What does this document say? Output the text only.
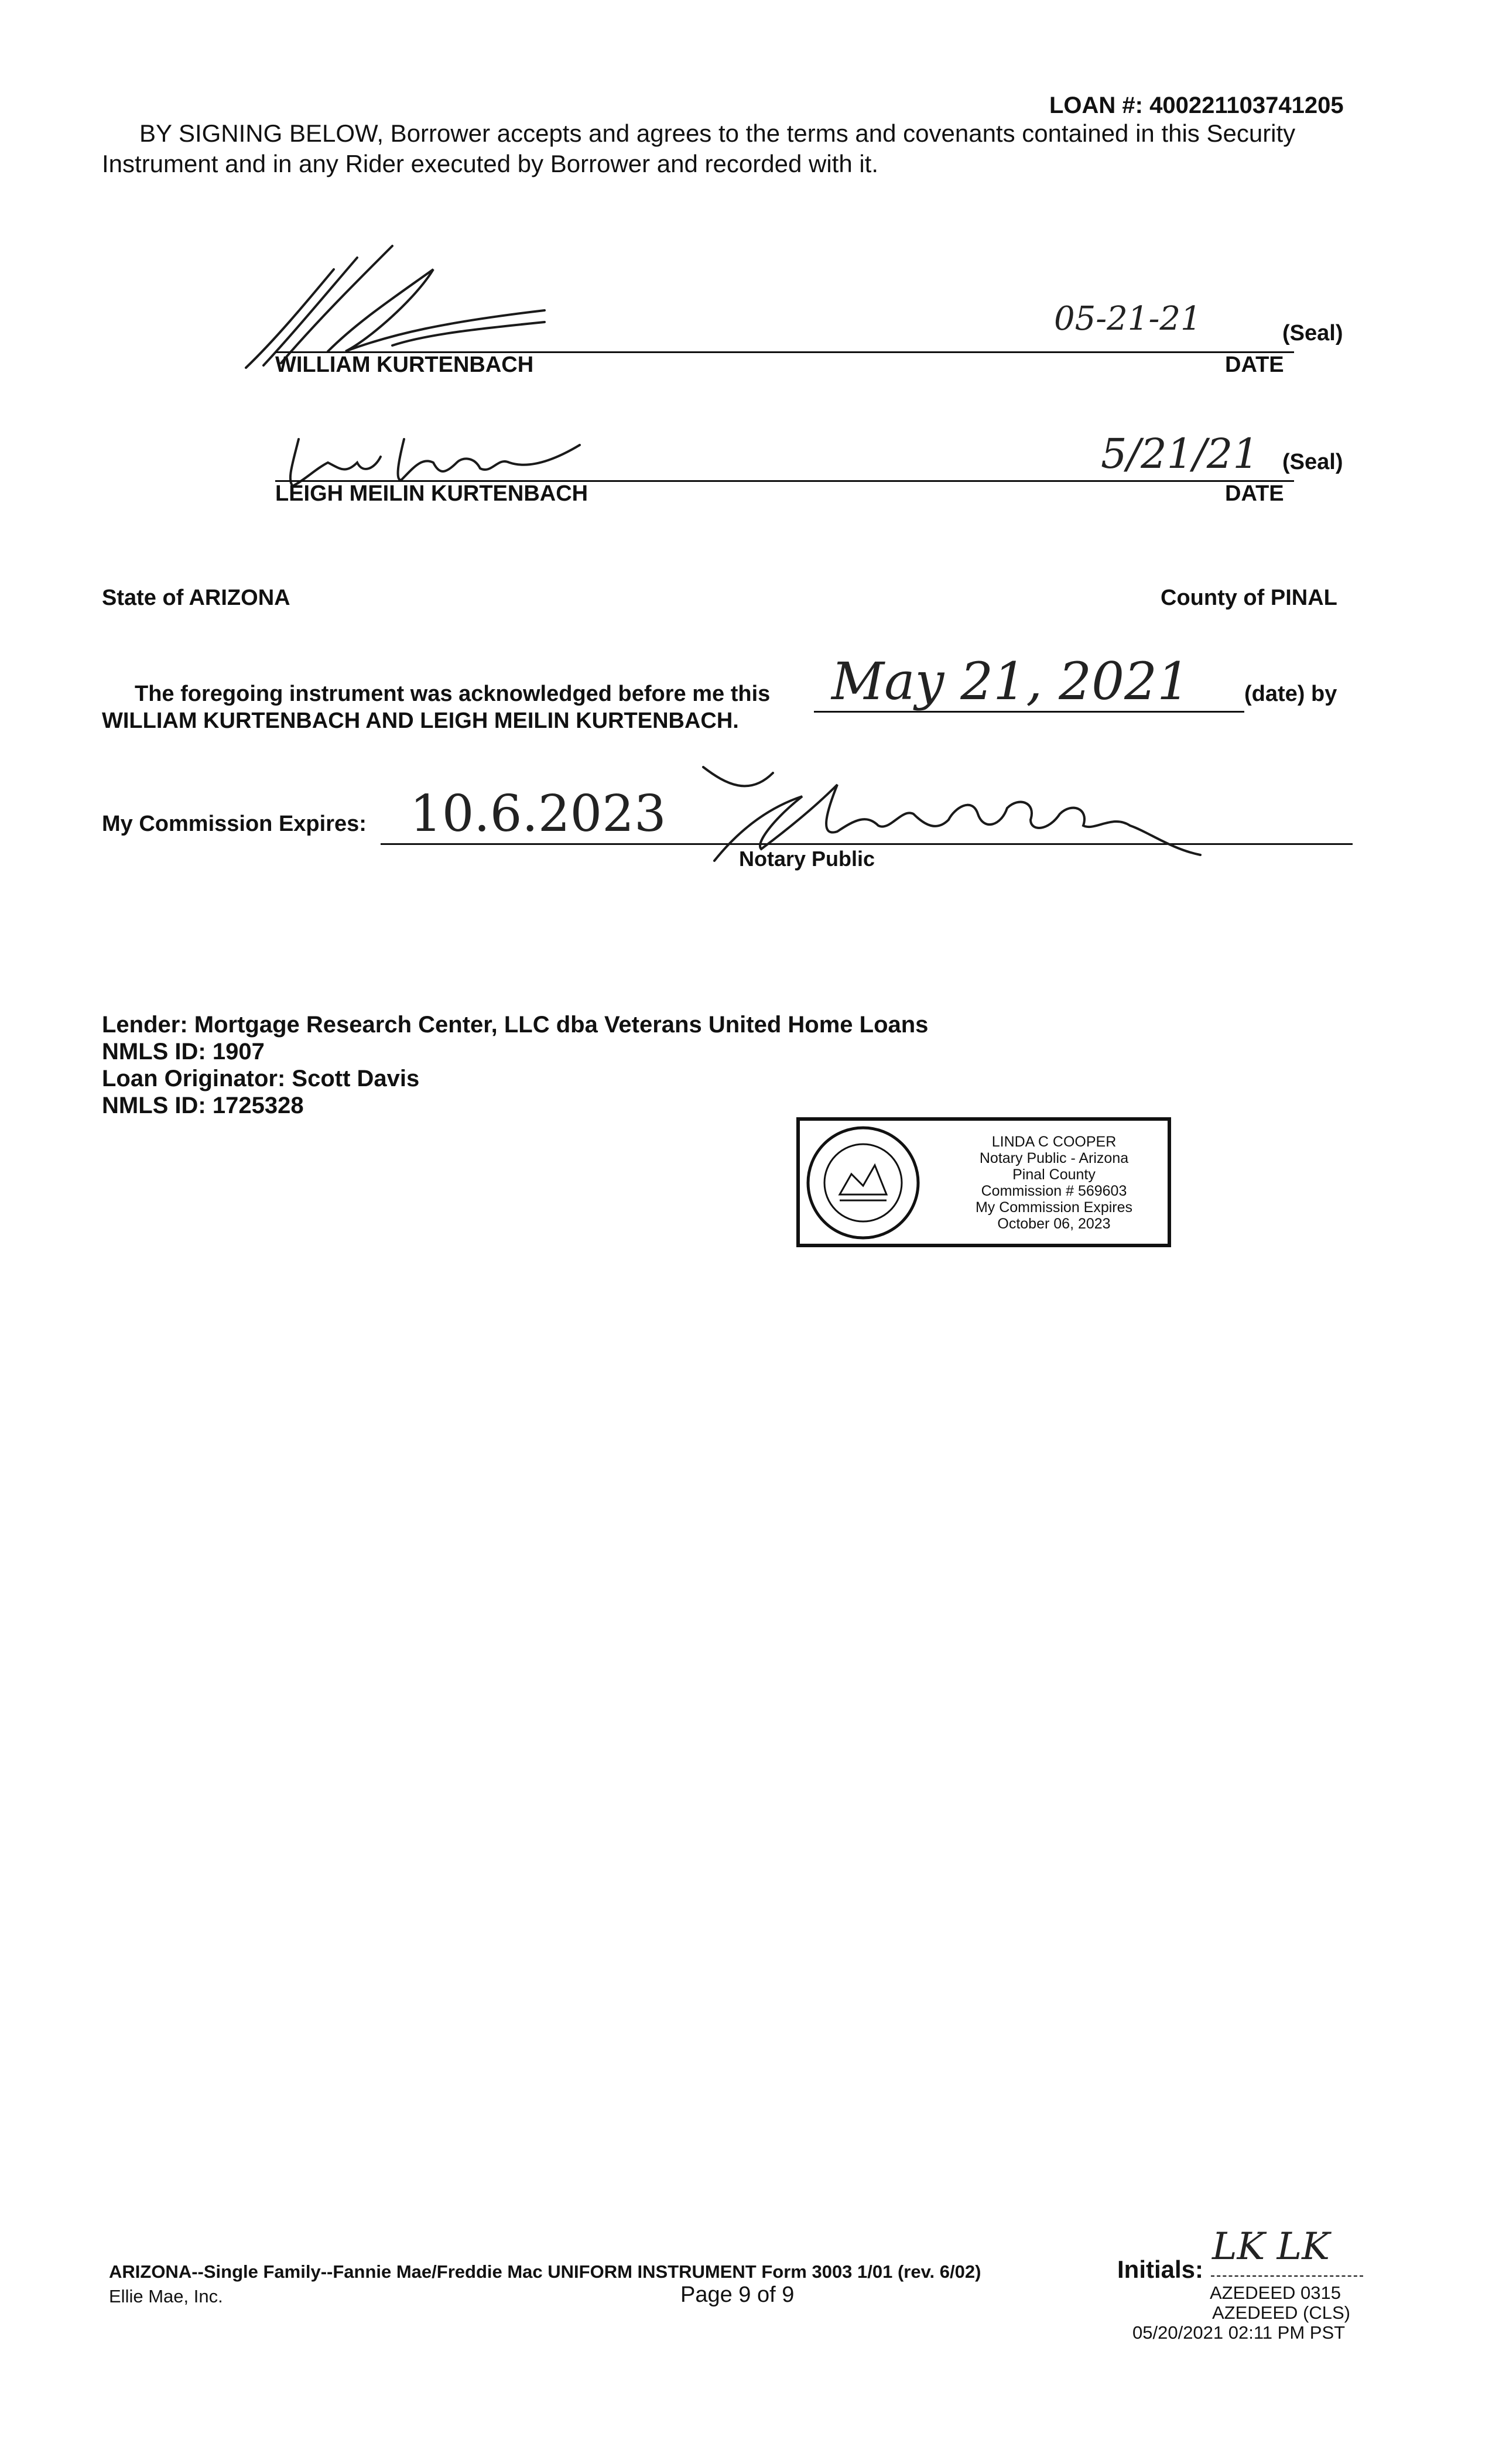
LOAN #: 400221103741205
BY SIGNING BELOW, Borrower accepts and agrees to the terms and covenants contained in this Security
Instrument and in any Rider executed by Borrower and recorded with it.
WILLIAM KURTENBACH
(Seal)
DATE
05-21-21
LEIGH MEILIN KURTENBACH
(Seal)
DATE
5/21/21
State of ARIZONA	County of PINAL
The foregoing instrument was acknowledged before me this May 21, 2021 (date) by
WILLIAM KURTENBACH AND LEIGH MEILIN KURTENBACH.
My Commission Expires: 10.6.2023
Notary Public
Lender: Mortgage Research Center, LLC dba Veterans United Home Loans
NMLS ID: 1907
Loan Originator: Scott Davis
NMLS ID: 1725328
LINDA C COOPER
Notary Public - Arizona
Pinal County
Commission # 569603
My Commission Expires
October 06, 2023
ARIZONA--Single Family--Fannie Mae/Freddie Mac UNIFORM INSTRUMENT Form 3003 1/01 (rev. 6/02)
Ellie Mae, Inc.	Page 9 of 9
Initials:
LK LK
AZEDEED 0315
AZEDEED (CLS)
05/20/2021 02:11 PM PST
